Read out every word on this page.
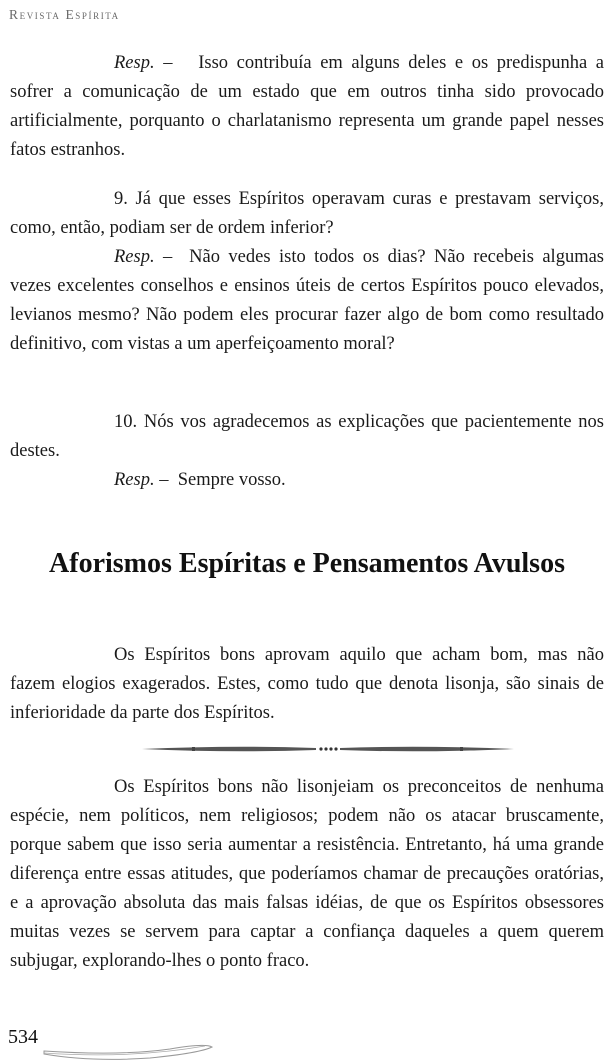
Revista Espírita

Resp. –   Isso contribuía em alguns deles e os predispunha a sofrer a comunicação de um estado que em outros tinha sido provocado artificialmente, porquanto o charlatanismo representa um grande papel nesses fatos estranhos.

9. Já que esses Espíritos operavam curas e prestavam serviços, como, então, podiam ser de ordem inferior?

Resp. –  Não vedes isto todos os dias? Não recebeis algumas vezes excelentes conselhos e ensinos úteis de certos Espíritos pouco elevados, levianos mesmo? Não podem eles procurar fazer algo de bom como resultado definitivo, com vistas a um aperfeiçoamento moral?

10. Nós vos agradecemos as explicações que pacientemente nos destes.

Resp. –  Sempre vosso.

Aforismos Espíritas e Pensamentos Avulsos

Os Espíritos bons aprovam aquilo que acham bom, mas não fazem elogios exagerados. Estes, como tudo que denota lisonja, são sinais de inferioridade da parte dos Espíritos.

Os Espíritos bons não lisonjeiam os preconceitos de nenhuma espécie, nem políticos, nem religiosos; podem não os atacar bruscamente, porque sabem que isso seria aumentar a resistência. Entretanto, há uma grande diferença entre essas atitudes, que poderíamos chamar de precauções oratórias, e a aprovação absoluta das mais falsas idéias, de que os Espíritos obsessores muitas vezes se servem para captar a confiança daqueles a quem querem subjugar, explorando-lhes o ponto fraco.

534
